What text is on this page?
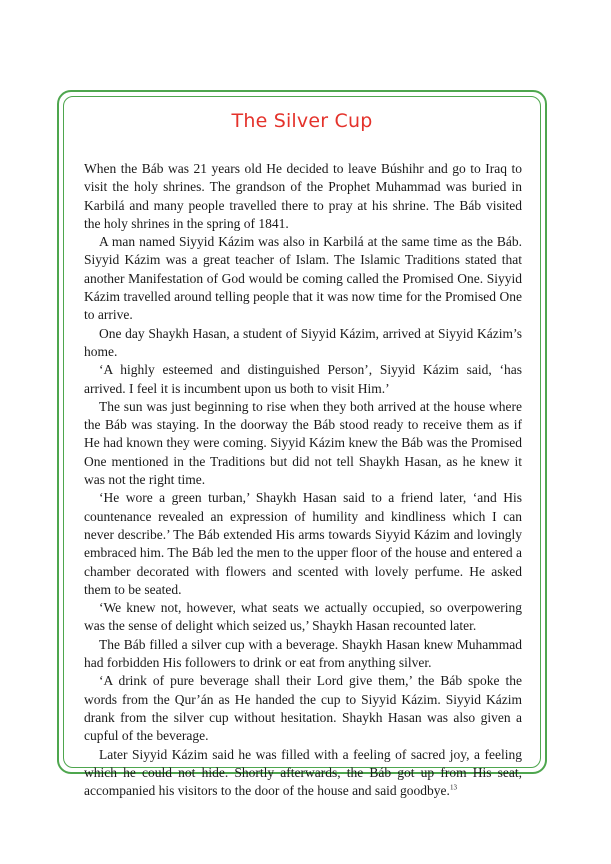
The Silver Cup

When the Báb was 21 years old He decided to leave Búshihr and go to Iraq to visit the holy shrines. The grandson of the Prophet Muhammad was buried in Karbilá and many people travelled there to pray at his shrine. The Báb visited the holy shrines in the spring of 1841.

A man named Siyyid Kázim was also in Karbilá at the same time as the Báb. Siyyid Kázim was a great teacher of Islam. The Islamic Traditions stated that another Manifestation of God would be coming called the Promised One. Siyyid Kázim travelled around telling people that it was now time for the Promised One to arrive.

One day Shaykh Hasan, a student of Siyyid Kázim, arrived at Siyyid Kázim’s home.

‘A highly esteemed and distinguished Person’, Siyyid Kázim said, ‘has arrived. I feel it is incumbent upon us both to visit Him.’

The sun was just beginning to rise when they both arrived at the house where the Báb was staying. In the doorway the Báb stood ready to receive them as if He had known they were coming. Siyyid Kázim knew the Báb was the Promised One mentioned in the Traditions but did not tell Shaykh Hasan, as he knew it was not the right time.

‘He wore a green turban,’ Shaykh Hasan said to a friend later, ‘and His countenance revealed an expression of humility and kindliness which I can never describe.’ The Báb extended His arms towards Siyyid Kázim and lovingly embraced him. The Báb led the men to the upper floor of the house and entered a chamber decorated with flowers and scented with lovely perfume. He asked them to be seated.

‘We knew not, however, what seats we actually occupied, so overpowering was the sense of delight which seized us,’ Shaykh Hasan recounted later.

The Báb filled a silver cup with a beverage. Shaykh Hasan knew Muhammad had forbidden His followers to drink or eat from anything silver.

‘A drink of pure beverage shall their Lord give them,’ the Báb spoke the words from the Qur’án as He handed the cup to Siyyid Kázim. Siyyid Kázim drank from the silver cup without hesitation. Shaykh Hasan was also given a cupful of the beverage.

Later Siyyid Kázim said he was filled with a feeling of sacred joy, a feeling which he could not hide. Shortly afterwards, the Báb got up from His seat, accompanied his visitors to the door of the house and said goodbye.$^{13}$
